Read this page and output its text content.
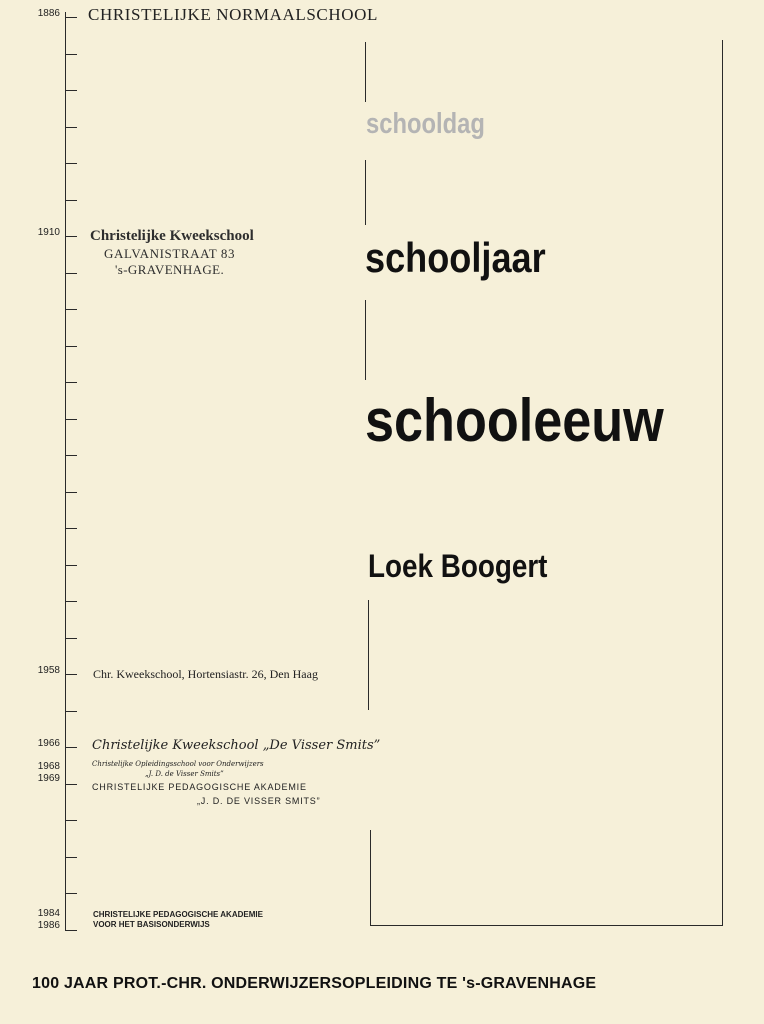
1886
1910
1958
1966
1968
1969
1984
1986
CHRISTELIJKE NORMAALSCHOOL
Christelijke Kweekschool
GALVANISTRAAT 83
's-GRAVENHAGE.
Chr. Kweekschool, Hortensiastr. 26, Den Haag
Christelijke Kweekschool „De Visser Smits”
Christelijke Opleidingsschool voor Onderwijzers
„J. D. de Visser Smits”
CHRISTELIJKE PEDAGOGISCHE AKADEMIE
„J. D. DE VISSER SMITS”
CHRISTELIJKE PEDAGOGISCHE AKADEMIE
VOOR HET BASISONDERWIJS
schooldag
schooljaar
schooleeuw
Loek Boogert
100 JAAR PROT.-CHR. ONDERWIJZERSOPLEIDING TE 's-GRAVENHAGE
